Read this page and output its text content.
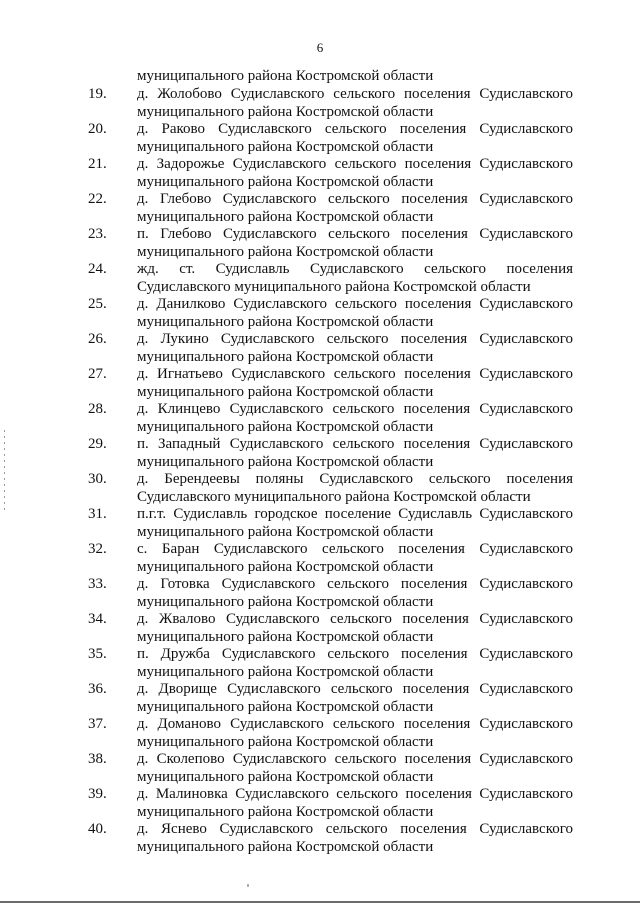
6
муниципального района Костромской области
19. д. Жолобово Судиславского сельского поселения Судиславского муниципального района Костромской области
20. д. Раково Судиславского сельского поселения Судиславского муниципального района Костромской области
21. д. Задорожье Судиславского сельского поселения Судиславского муниципального района Костромской области
22. д. Глебово Судиславского сельского поселения Судиславского муниципального района Костромской области
23. п. Глебово Судиславского сельского поселения Судиславского муниципального района Костромской области
24. жд. ст. Судиславль Судиславского сельского поселения Судиславского муниципального района Костромской области
25. д. Данилково Судиславского сельского поселения Судиславского муниципального района Костромской области
26. д. Лукино Судиславского сельского поселения Судиславского муниципального района Костромской области
27. д. Игнатьево Судиславского сельского поселения Судиславского муниципального района Костромской области
28. д. Клинцево Судиславского сельского поселения Судиславского муниципального района Костромской области
29. п. Западный Судиславского сельского поселения Судиславского муниципального района Костромской области
30. д. Берендеевы поляны Судиславского сельского поселения Судиславского муниципального района Костромской области
31. п.г.т. Судиславль городское поселение Судиславль Судиславского муниципального района Костромской области
32. с. Баран Судиславского сельского поселения Судиславского муниципального района Костромской области
33. д. Готовка Судиславского сельского поселения Судиславского муниципального района Костромской области
34. д. Жвалово Судиславского сельского поселения Судиславского муниципального района Костромской области
35. п. Дружба Судиславского сельского поселения Судиславского муниципального района Костромской области
36. д. Дворище Судиславского сельского поселения Судиславского муниципального района Костромской области
37. д. Доманово Судиславского сельского поселения Судиславского муниципального района Костромской области
38. д. Сколепово Судиславского сельского поселения Судиславского муниципального района Костромской области
39. д. Малиновка Судиславского сельского поселения Судиславского муниципального района Костромской области
40. д. Яснево Судиславского сельского поселения Судиславского муниципального района Костромской области
